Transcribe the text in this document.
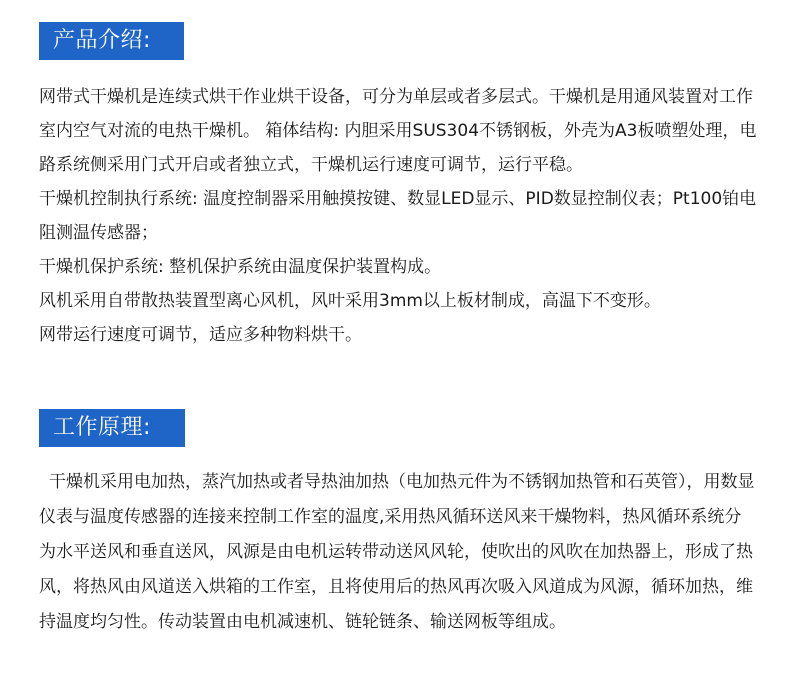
产品介绍:

网带式干燥机是连续式烘干作业烘干设备，可分为单层或者多层式。干燥机是用通风装置对工作室内空气对流的电热干燥机。 箱体结构: 内胆采用SUS304不锈钢板，外壳为A3板喷塑处理，电路系统侧采用门式开启或者独立式，干燥机运行速度可调节，运行平稳。

干燥机控制执行系统: 温度控制器采用触摸按键、数显LED显示、PID数显控制仪表；Pt100铂电阻测温传感器；

干燥机保护系统: 整机保护系统由温度保护装置构成。

风机采用自带散热装置型离心风机，风叶采用3mm以上板材制成，高温下不变形。

网带运行速度可调节，适应多种物料烘干。

工作原理:

干燥机采用电加热，蒸汽加热或者导热油加热（电加热元件为不锈钢加热管和石英管），用数显仪表与温度传感器的连接来控制工作室的温度,采用热风循环送风来干燥物料，热风循环系统分为水平送风和垂直送风，风源是由电机运转带动送风风轮，使吹出的风吹在加热器上，形成了热风，将热风由风道送入烘箱的工作室，且将使用后的热风再次吸入风道成为风源，循环加热，维持温度均匀性。传动装置由电机减速机、链轮链条、输送网板等组成。
